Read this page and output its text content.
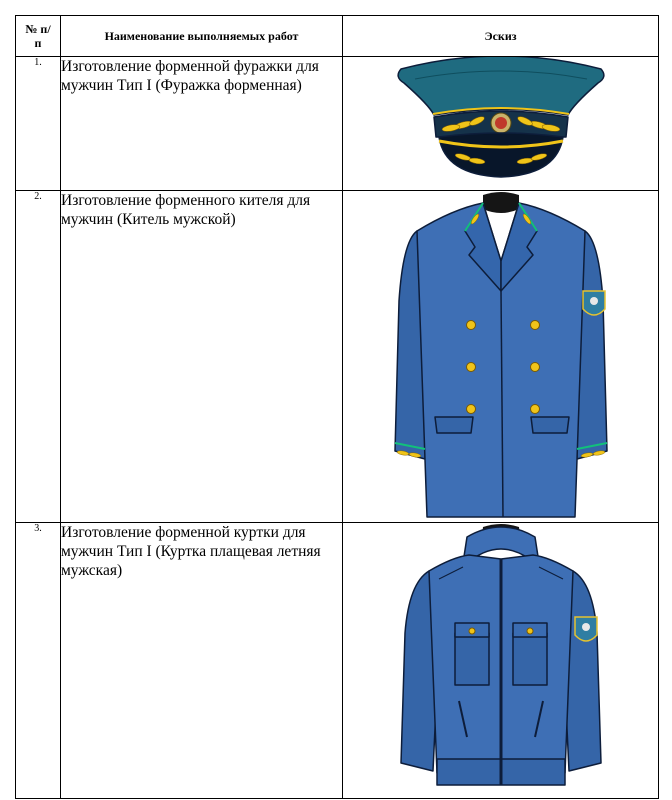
№ п/п	Наименование выполняемых работ	Эскиз
1.	Изготовление форменной фуражки для мужчин Тип I (Фуражка форменная)	

2.	Изготовление форменного кителя для мужчин (Китель мужской)	

3.	Изготовление форменной куртки для мужчин Тип I (Куртка плащевая летняя мужская)	
